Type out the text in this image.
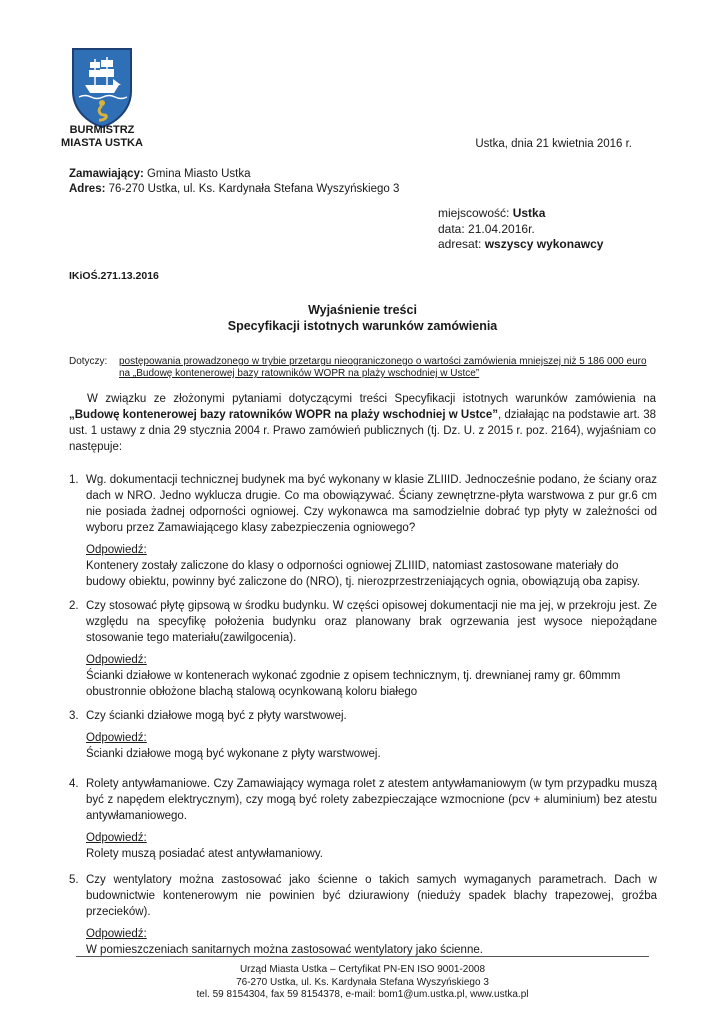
BURMISTRZ
MIASTA USTKA	Ustka, dnia 21 kwietnia 2016 r.
Zamawiający: Gmina Miasto Ustka
Adres: 76-270 Ustka, ul. Ks. Kardynała Stefana Wyszyńskiego 3
miejscowość: Ustka
data: 21.04.2016r.
adresat: wszyscy wykonawcy
IKiOŚ.271.13.2016
Wyjaśnienie treści
Specyfikacji istotnych warunków zamówienia
Dotyczy: postępowania prowadzonego w trybie przetargu nieograniczonego o wartości zamówienia mniejszej niż 5 186 000 euro na „Budowę kontenerowej bazy ratowników WOPR na plaży wschodniej w Ustce”
W związku ze złożonymi pytaniami dotyczącymi treści Specyfikacji istotnych warunków zamówienia na „Budowę kontenerowej bazy ratowników WOPR na plaży wschodniej w Ustce”, działając na podstawie art. 38 ust. 1 ustawy z dnia 29 stycznia 2004 r. Prawo zamówień publicznych (tj. Dz. U. z 2015 r. poz. 2164), wyjaśniam co następuje:
1. Wg. dokumentacji technicznej budynek ma być wykonany w klasie ZLIIID. Jednocześnie podano, że ściany oraz dach w NRO. Jedno wyklucza drugie. Co ma obowiązywać. Ściany zewnętrzne-płyta warstwowa z pur gr.6 cm nie posiada żadnej odporności ogniowej. Czy wykonawca ma samodzielnie dobrać typ płyty w zależności od wyboru przez Zamawiającego klasy zabezpieczenia ogniowego?
Odpowiedź:
Kontenery zostały zaliczone do klasy o odporności ogniowej ZLIIID, natomiast zastosowane materiały do budowy obiektu, powinny być zaliczone do (NRO), tj. nierozprzestrzeniających ognia, obowiązują oba zapisy.
2. Czy stosować płytę gipsową w środku budynku. W części opisowej dokumentacji nie ma jej, w przekroju jest. Ze względu na specyfikę położenia budynku oraz planowany brak ogrzewania jest wysoce niepożądane stosowanie tego materiału(zawilgocenia).
Odpowiedź:
Ścianki działowe w kontenerach wykonać zgodnie z opisem technicznym, tj. drewnianej ramy gr. 60mmm obustronnie obłożone blachą stalową ocynkowaną koloru białego
3. Czy ścianki działowe mogą być z płyty warstwowej.
Odpowiedź:
Ścianki działowe mogą być wykonane z płyty warstwowej.
4. Rolety antywłamaniowe. Czy Zamawiający wymaga rolet z atestem antywłamaniowym (w tym przypadku muszą być z napędem elektrycznym), czy mogą być rolety zabezpieczające wzmocnione (pcv + aluminium) bez atestu antywłamaniowego.
Odpowiedź:
Rolety muszą posiadać atest antywłamaniowy.
5. Czy wentylatory można zastosować jako ścienne o takich samych wymaganych parametrach. Dach w budownictwie kontenerowym nie powinien być dziurawiony (nieduży spadek blachy trapezowej, groźba przecieków).
Odpowiedź:
W pomieszczeniach sanitarnych można zastosować wentylatory jako ścienne.
Urząd Miasta Ustka – Certyfikat PN-EN ISO 9001-2008
76-270 Ustka, ul. Ks. Kardynała Stefana Wyszyńskiego 3
tel. 59 8154304, fax 59 8154378, e-mail: bom1@um.ustka.pl, www.ustka.pl
